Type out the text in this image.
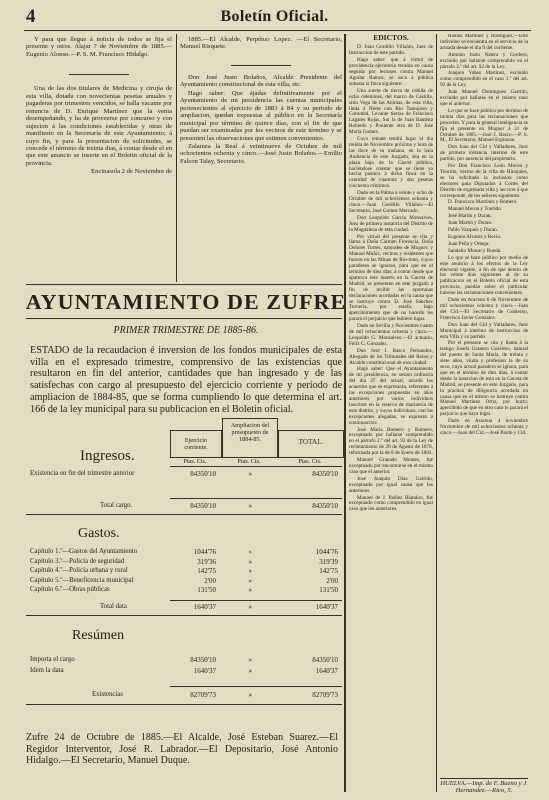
4	Boletín Oficial.

Y para que llegue á noticia de todos se fija el presente y otros. Alajar 7 de Noviembre de 1885.—Eugenio Alonso.—P. S. M. Francisco Hidalgo.

Una de las dos titulares de Medicina y cirujía de esta villa, dotada con novecientas pesetas anuales y pagaderas por trimestres vencidos, se halla vacante por renuncia de D. Enrique Martínez que la venia desempeñando, y ha de proveerse por concurso y con sujecion á las condiciones establecidas y otras de manifiesto en la Secretaría de este Ayuntamiento; á cuyo fin, y para la presentacion de solicitudes, se concede el término de treinta dias, á contar desde el en que este anuncio se inserte en el Boletin oficial de la provincia.

Encinasola 2 de Noviembre de

1885.—El Alcalde, Perpétuo Lopez. —El Secretario, Manuel Risquete.

Don José Justo Bolaños, Alcalde Presidente del Ayuntamiento constitucional de esta villa, etc.

Hago saber: Que ájadas definitivamente por el Ayuntamiento de mi presidencia las cuentas municipales pertenecientes al ejercicio de 1883 á 84 y su periodo de ampliacion, quedan expuestas al público en la Secretaría municipal por término de quince días, con el fin de que puedan ser examinadas por los vecinos de este término y se presenten las observaciones que estimen convenientes.

Zalamea la Real á veintinueve de Octubre de mil ochocientos ochenta y cinco.—José Justo Bolaños.—Emilio Falcon Talay, Secretario.

AYUNTAMIENTO DE ZUFRE
PRIMER TRIMESTRE DE 1885-86.

ESTADO de la recaudacion é inversion de los fondos municipales de esta villa en el expresado trimestre, comprensivo de las existencias que resultaron en fin del anterior, cantidades que han ingresado y de las satisfechas con cargo al presupuesto del ejercicio corriente y período de ampliacion de 1884-85, que se forma cumpliendo lo que determina el art. 166 de la ley municipal para su publicacion en el Boletin oficial.

Ejercicio corriente.
Ampliacion del presupuesto de 1884-85.	TOTAL.
Ptas. Cts.	Ptas. Cts.	Ptas. Cts.
Ingresos.
Existencia en fin del trimestre anterior	84350'10	»	84350'10
Total cargo.	84350'10	»	84350'10
Gastos.
Capítulo 1.º—Gastos del Ayuntamiento	1044'76	»	1044'76
Capítulo 3.º—Policía de seguridad	319'36	»	319'39
Capítulo 4.º—Policía urbana y rural	142'75	»	142'75
Capítulo 5.º—Beneficencia municipal	2'00	»	2'00
Capítulo 6.º—Obras públicas	131'50	»	131'50
Total data	1640'37	»	1640'37
Resúmen
Importa el cargo	84350'10	»	84350'10
Idem la data	1640'37	»	1640'37
Existencias	82709'73	»	82709'73

Zufre 24 de Octubre de 1885.—El Alcalde, José Esteban Suarez.—El Regidor Interventor, José R. Labrador.—El Depositario, José Antonio Hidalgo.—El Secretario, Manuel Duque.

EDICTOS.

D. Juan Gordillo Villalon, Juez de Instruccion de este partido.

Hago saber: que á virtud de providencia ejecutoria recaida en causa seguida por lesiones contra Manuel Aguilar Ramos, se saca á pública subasta la finca siguiente:

Una suerte de tierra de cabida de ocho celemines, del marco de Castilla, sitio Vega de las Animas, de esta villa, linda á Norte con Rio Tamujoso y Corumbá, Levante tierras de Francisco Lagares Rojas, Sur la de Juan Bautista Robledo y Poniente otra de D. José María Gomez.

Cuyo remate tendrá lugar el dia treinta de Noviembre próximo y hora de las doce de su mañana, en la Sala Audiencia de este Juzgado, sita en la plaza baja de la Cárcel pública, haciéndose constar que se tiene ya hecha postura á dicha finca en la cantidad de cuarenta y dos pesetas cincuenta céntimos.

Dado en la Palma á veinte y ocho de Octubre de mil ochocientos ochenta y cinco.—Juan Gordillo Villalon.—El Secretario, José Gomez Mercado.

Don Leopoldo García Monsalves, Juez de primera instancia del Distrito de la Magdalena de esta ciudad.

Por virtud del presente se cita y llama á Doña Cármen Florencia, Doña Dolores Torres, naturales de Moguer, y Manuel Muñiz, vecinos y residentes que fueron en las Minas de Rio-tinto, cuyos paraderos se ignoran, para que en el término de diez días, á contar desde que aparezca este inserto en la Gaceta de Madrid, se presenten en este juzgado á fin de recibir las oportunas declaraciones acordadas en la causa que se instruye contra D. José Sánchez Tornería, por estafa; bajo apercibimiento que de no hacerlo les parará el perjuicio que hubiere lugar.

Dado en Sevilla y Noviembre cuatro de mil ochocientos ochenta y cinco.—Leopoldo G. Monsalves.—El actuario, Félix C. Gonzalez.

Don José J. Rasco Fernandez, Abogado de los Tribunales del Reino y Alcalde constitucional de esta ciudad.

Hago saber: Que el Ayuntamiento de mi presidencia, en sesion ordinaria del dia 27 del actual, acordó los acuerdos que se expresarán, referentes á las excepciones propuestas en años anteriores por varios individuos inscritos en la reserva de marinería de este distrito, y cuyos individuos, con las excepciones alegadas, se expresan á continuacion:

José María Romero y Romero, exceptuado por hallarse comprendido en el párrafo 2.º del art. 92 de la Ley de reclutamiento de 28 de Agosto de 1878, reformada por la de 8 de Enero de 1882.

Manuel Granado Montes, fué exceptuado por encontrarse en el mismo caso que el anterior.

José Joaquin Diaz Garrido, exceptuado por igual causa que los anteriores.

Manuel de J. Ibáñez Blandon, fué exceptuado como comprendido en igual caso que los anteriores.

Ramos Martínez y Rodriguez.—Este individuo se encuentra en el servicio de la armada desde el dia 9 del corriente.

Antonio Justo Natera y Cordero, excluido por hallarse comprendido en el párrafo 2.º del art. 92 de la Ley.

Joaquin Yañez Martinez, excluido como comprendido en el caso 1.º del art. 92 de la Ley.

Juan Manuel Domínguez Garrido, excluido por hallarse en el mismo caso que el anterior.

Lo que se hace público por término de treinta días para las reclamaciones que procedan. Y para la general inteligencia se fija el presente en Moguer á 31 de Octubre de 1885.—José J. Rasco.—P. S. M., El Secretario, Manuel Espinosa.

Don Juan del Cid y Valladares, Juez de primera instancia interino de este partido, por ausencia del propietario.

Por Don Francisco León Moron y Tourido, vecino de la villa de Hinojales, se ha solicitado la inclusion como electores para Diputados á Córtes del Distrito de expresada villa y seccion á que corresponde, de los señores siguientes:

D. Francisco Martínez y Romero.

Manuel Moron y Tourido.

José Martin y Duran.

Juan Martin y Duran.

Pablo Vazquez y Duran.

Eugenio Alvarez y Recio.

Juan Peña y Ortega.

Sandalio Moron y Rueda.

Lo que se hace público por medio de este anuncio á los efectos de la Ley electoral vigente, á fin de que dentro de los veinte días siguientes al de su publicacion en el Boletin oficial de esta provincia, puedan sobre el particular hacerse las reclamaciones convenientes.

Dado en Aracena 6 de Noviembre de mil ochocientos ochenta y cinco.—Juan del Cid.—El Secretario de Gobierno, Francisco Javier Gonzalez.

Don Juan del Cid y Valladares, Juez Municipal á interino de instruccion de esta Villa y su partido.

Por el presente se cita y llama á la testigo Josefa Granero Guerrero, natural del puerto de Santa María, de treinta y siete años, viuda y profesion la de su sexo, cuyo actual paradero se ignora, para que en el término de diez días, á contar desde la insercion de esta en la Gaceta de Madrid, se presente en este Juzgado, para la práctica de diligencia acordada en causa que en el mismo se instruye contra Manuel Martínez Ortiz, por hurto; apercibido de que en otro caso le parará el perjuicio que haya lugar.

Dado en Aracena 4 noviembre Noviembre de mil ochocientos ochenta y cinco.—Juan del Cid.—José Pardo y Cid.

HUELVA.—Imp. de F. Bueno y J. Hernandez.—Rico, 5.
